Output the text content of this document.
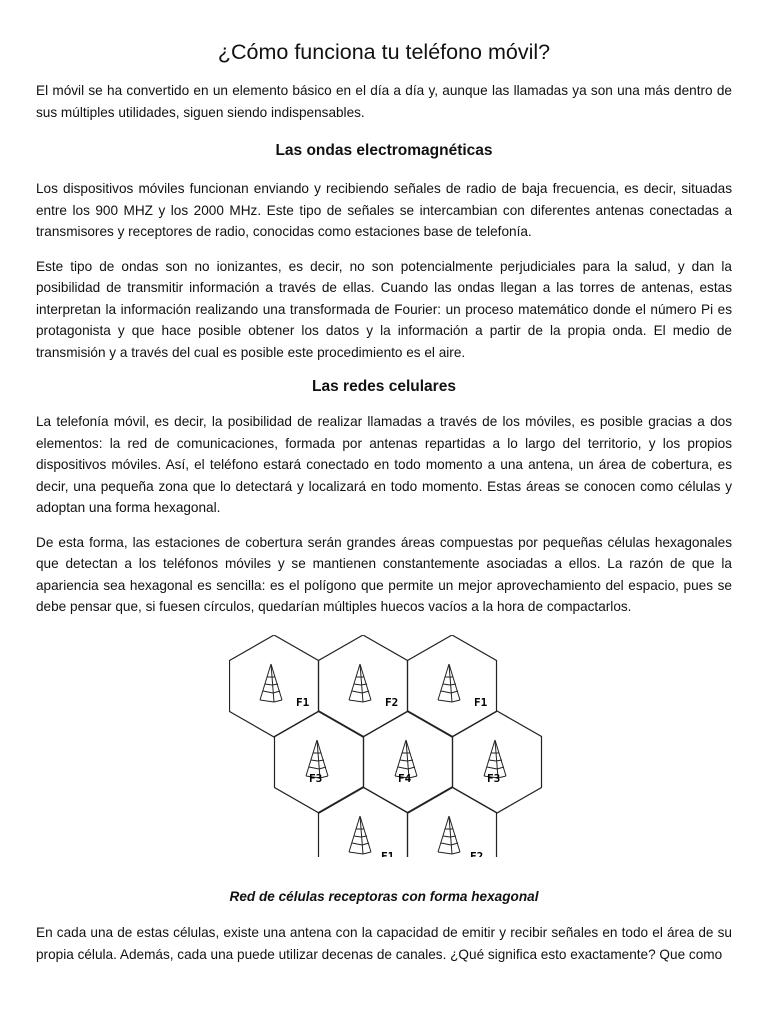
¿Cómo funciona tu teléfono móvil?

El móvil se ha convertido en un elemento básico en el día a día y, aunque las llamadas ya son una más dentro de sus múltiples utilidades, siguen siendo indispensables.

Las ondas electromagnéticas

Los dispositivos móviles funcionan enviando y recibiendo señales de radio de baja frecuencia, es decir, situadas entre los 900 MHZ y los 2000 MHz. Este tipo de señales se intercambian con diferentes antenas conectadas a transmisores y receptores de radio, conocidas como estaciones base de telefonía.

Este tipo de ondas son no ionizantes, es decir, no son potencialmente perjudiciales para la salud, y dan la posibilidad de transmitir información a través de ellas. Cuando las ondas llegan a las torres de antenas, estas interpretan la información realizando una transformada de Fourier: un proceso matemático donde el número Pi es protagonista y que hace posible obtener los datos y la información a partir de la propia onda. El medio de transmisión y a través del cual es posible este procedimiento es el aire.

Las redes celulares

La telefonía móvil, es decir, la posibilidad de realizar llamadas a través de los móviles, es posible gracias a dos elementos: la red de comunicaciones, formada por antenas repartidas a lo largo del territorio, y los propios dispositivos móviles. Así, el teléfono estará conectado en todo momento a una antena, un área de cobertura, es decir, una pequeña zona que lo detectará y localizará en todo momento. Estas áreas se conocen como células y adoptan una forma hexagonal.

De esta forma, las estaciones de cobertura serán grandes áreas compuestas por pequeñas células hexagonales que detectan a los teléfonos móviles y se mantienen constantemente asociadas a ellos. La razón de que la apariencia sea hexagonal es sencilla: es el polígono que permite un mejor aprovechamiento del espacio, pues se debe pensar que, si fuesen círculos, quedarían múltiples huecos vacíos a la hora de compactarlos.

F1	F2	F1
F3	F4	F3
F1	F2
Red de células receptoras con forma hexagonal

En cada una de estas células, existe una antena con la capacidad de emitir y recibir señales en todo el área de su propia célula. Además, cada una puede utilizar decenas de canales. ¿Qué significa esto exactamente? Que como
